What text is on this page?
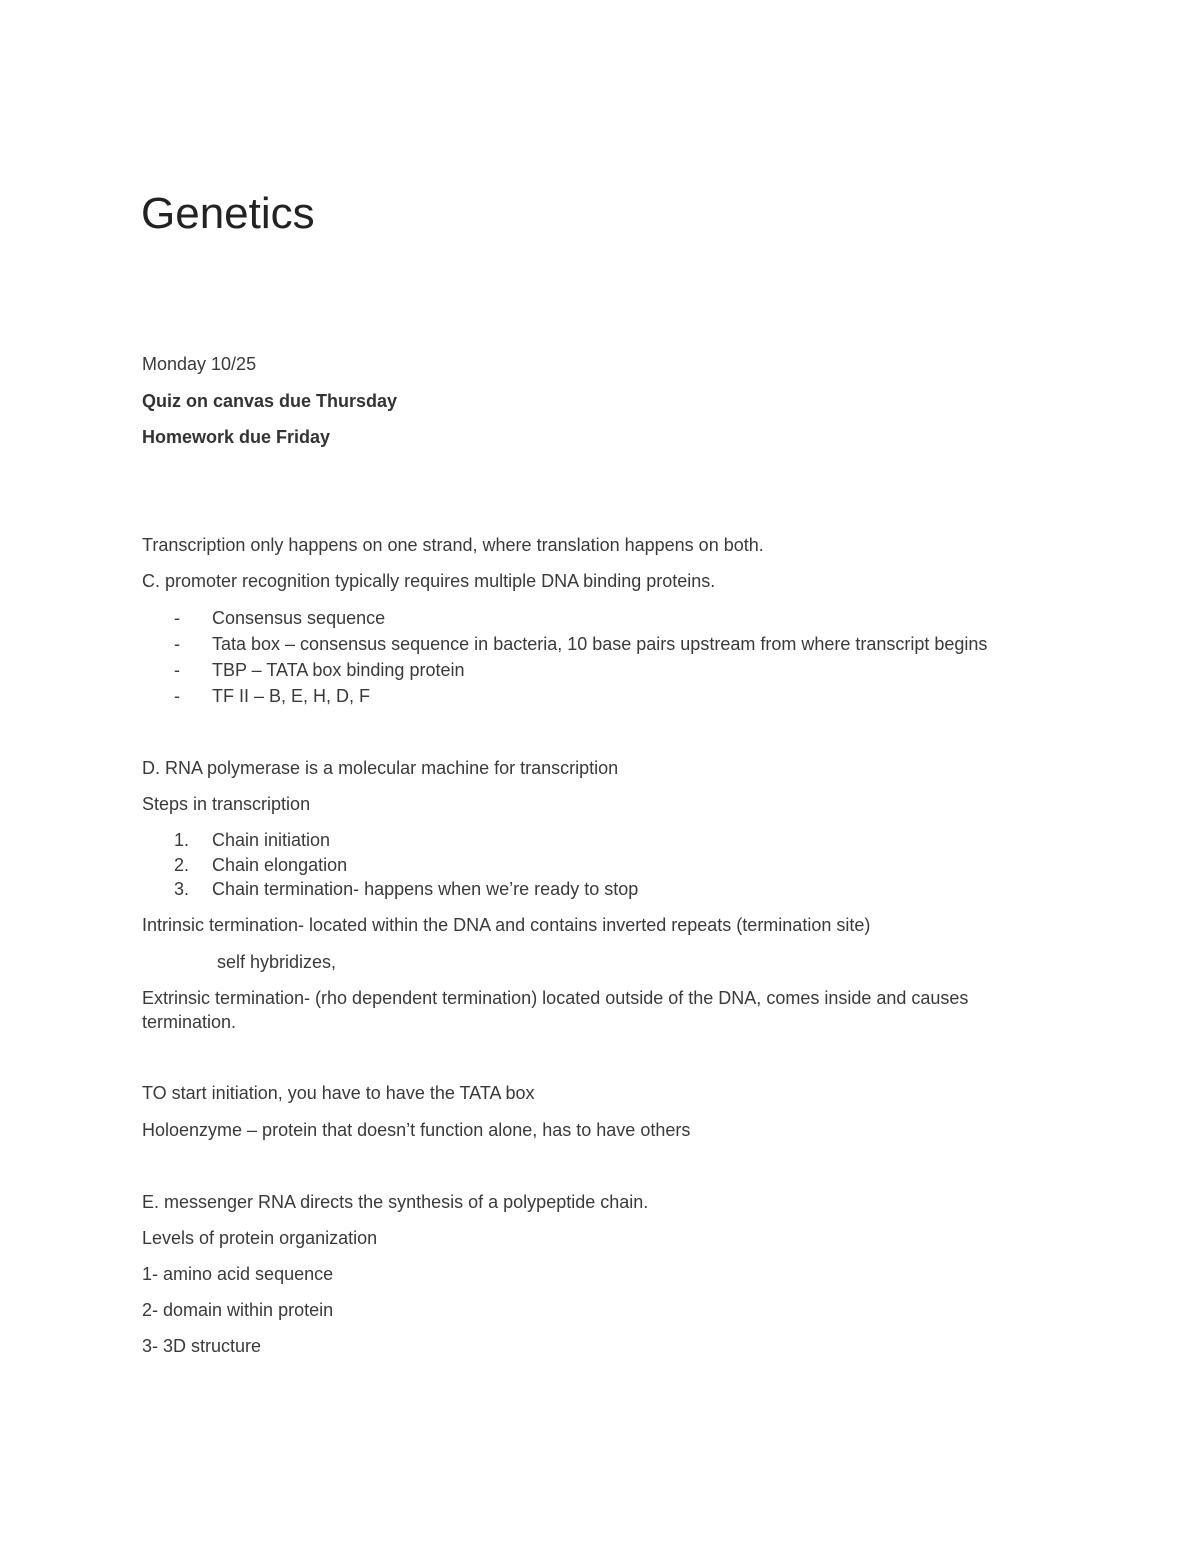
Genetics
Monday 10/25
Quiz on canvas due Thursday
Homework due Friday
Transcription only happens on one strand, where translation happens on both.
C. promoter recognition typically requires multiple DNA binding proteins.
- Consensus sequence
- Tata box – consensus sequence in bacteria, 10 base pairs upstream from where transcript begins
- TBP – TATA box binding protein
- TF II – B, E, H, D, F
D. RNA polymerase is a molecular machine for transcription
Steps in transcription
1. Chain initiation
2. Chain elongation
3. Chain termination- happens when we’re ready to stop
Intrinsic termination- located within the DNA and contains inverted repeats (termination site)
self hybridizes,
Extrinsic termination- (rho dependent termination) located outside of the DNA, comes inside and causes termination.
TO start initiation, you have to have the TATA box
Holoenzyme – protein that doesn’t function alone, has to have others
E. messenger RNA directs the synthesis of a polypeptide chain.
Levels of protein organization
1- amino acid sequence
2- domain within protein
3- 3D structure
